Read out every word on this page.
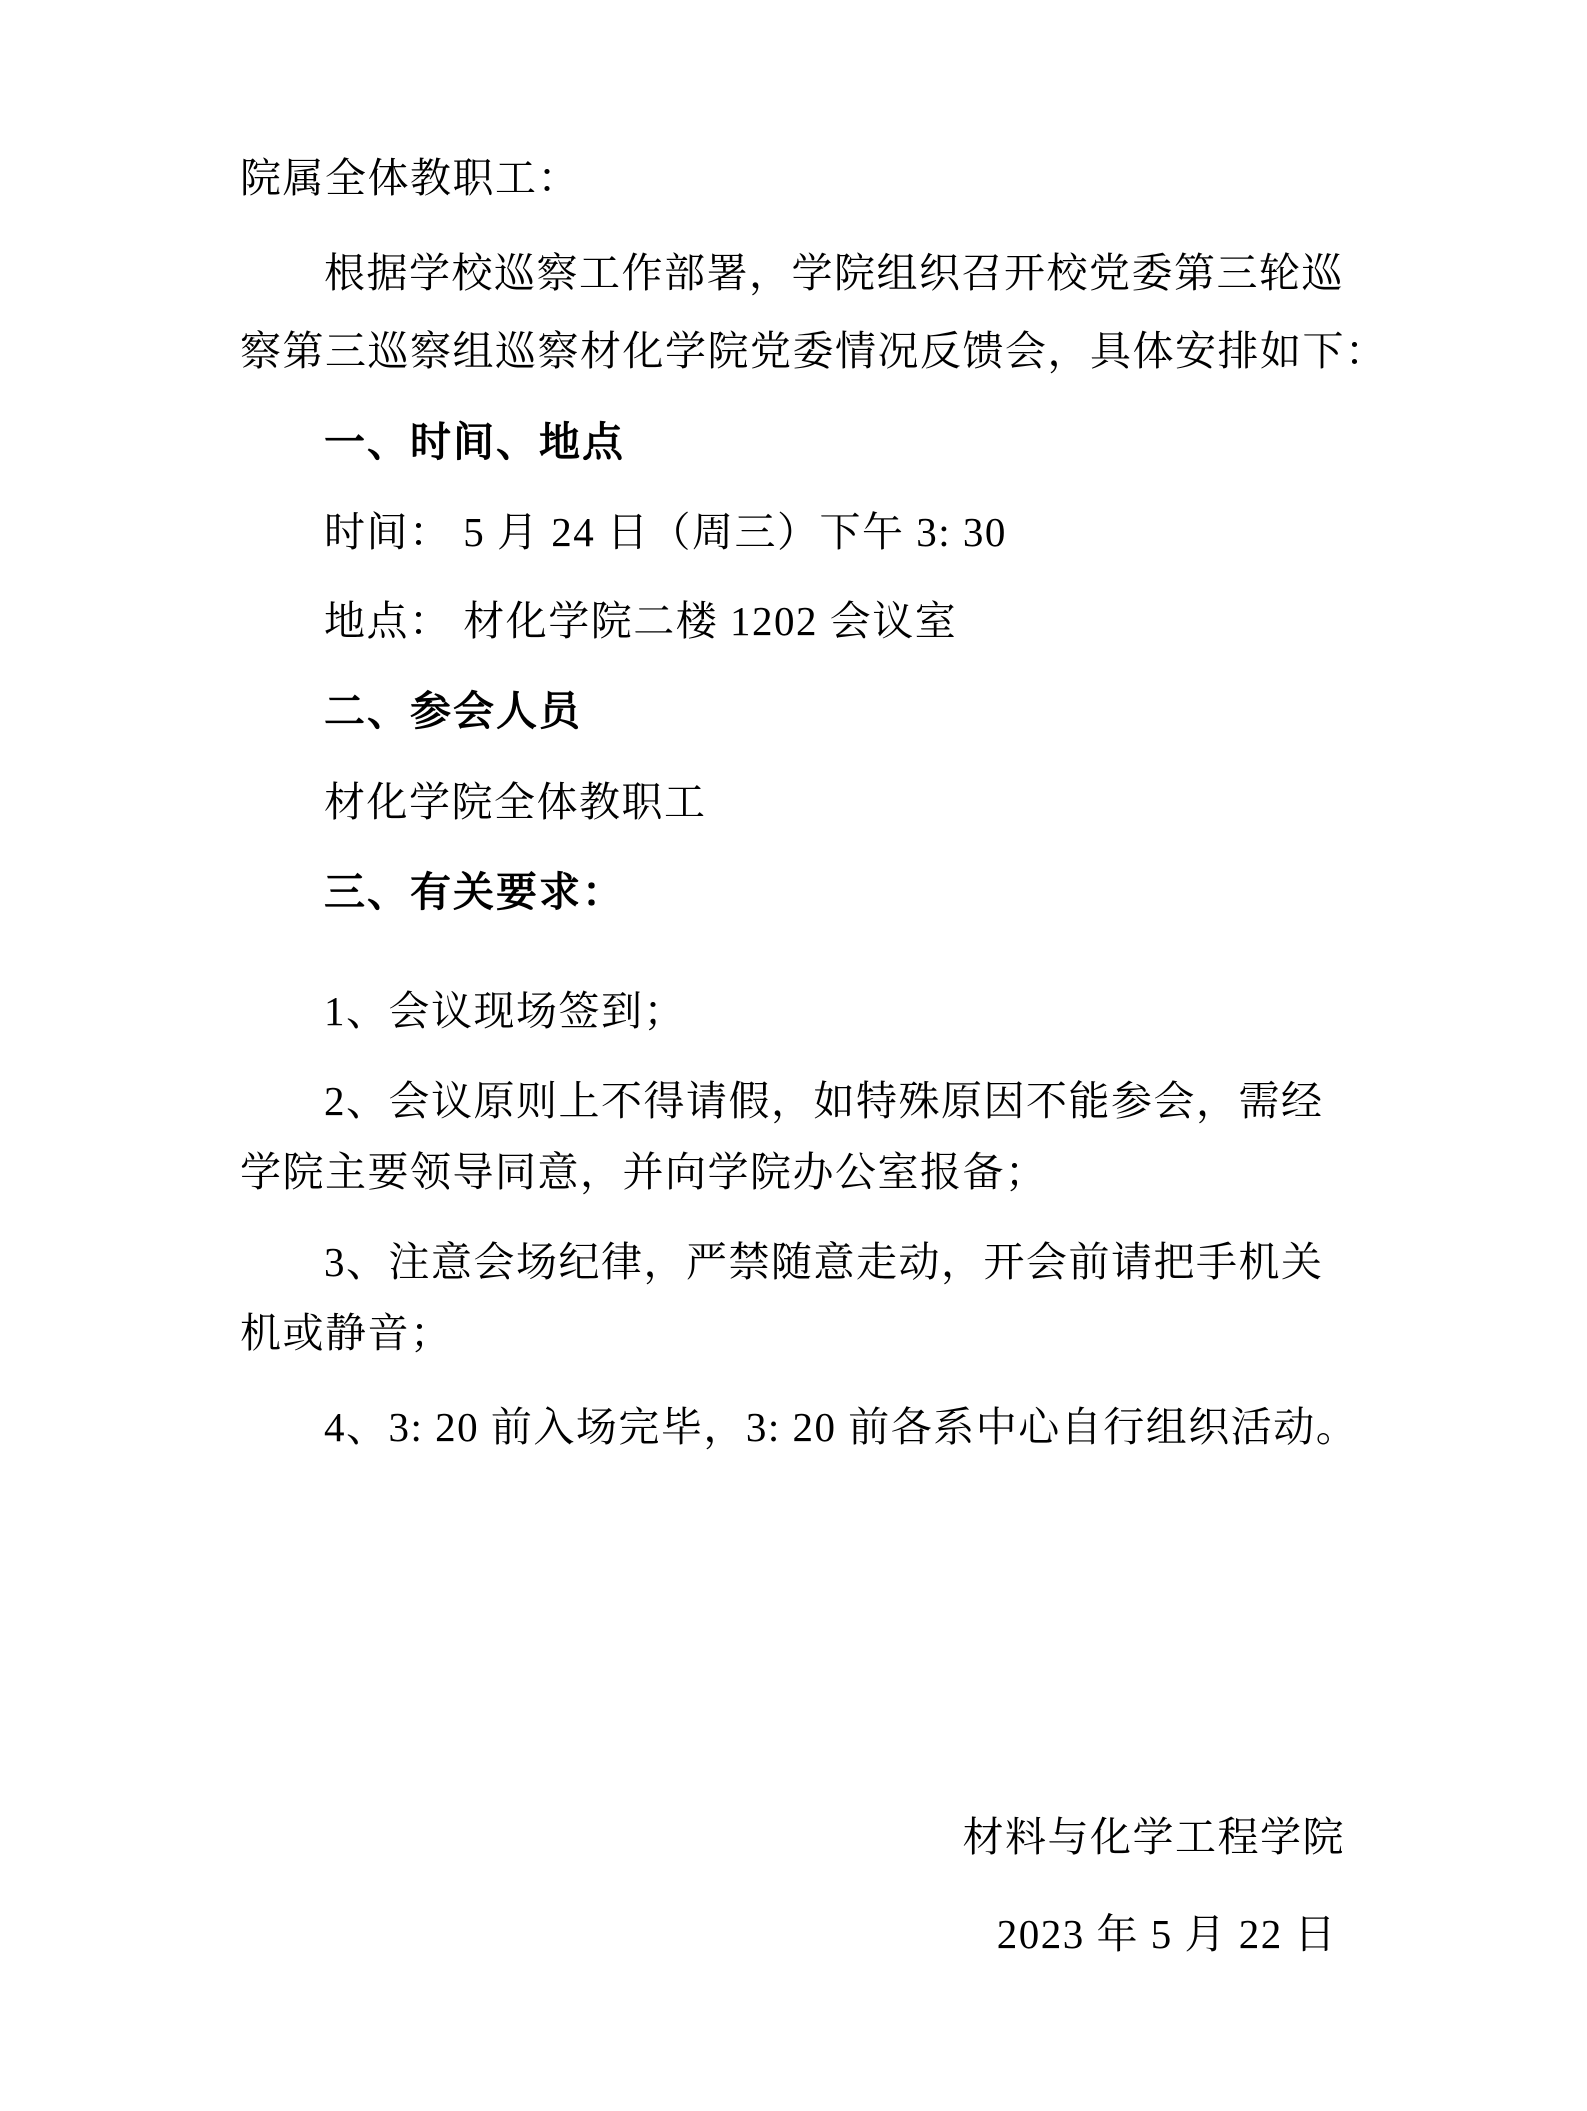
院属全体教职工：
根据学校巡察工作部署，学院组织召开校党委第三轮巡
察第三巡察组巡察材化学院党委情况反馈会，具体安排如下：
一、时间、地点
时间： 5 月 24 日（周三）下午 3: 30
地点： 材化学院二楼 1202 会议室
二、参会人员
材化学院全体教职工
三、有关要求：
1、会议现场签到；
2、会议原则上不得请假，如特殊原因不能参会，需经
学院主要领导同意，并向学院办公室报备；
3、注意会场纪律，严禁随意走动，开会前请把手机关
机或静音；
4、3: 20 前入场完毕，3: 20 前各系中心自行组织活动。
材料与化学工程学院
2023 年 5 月 22 日
